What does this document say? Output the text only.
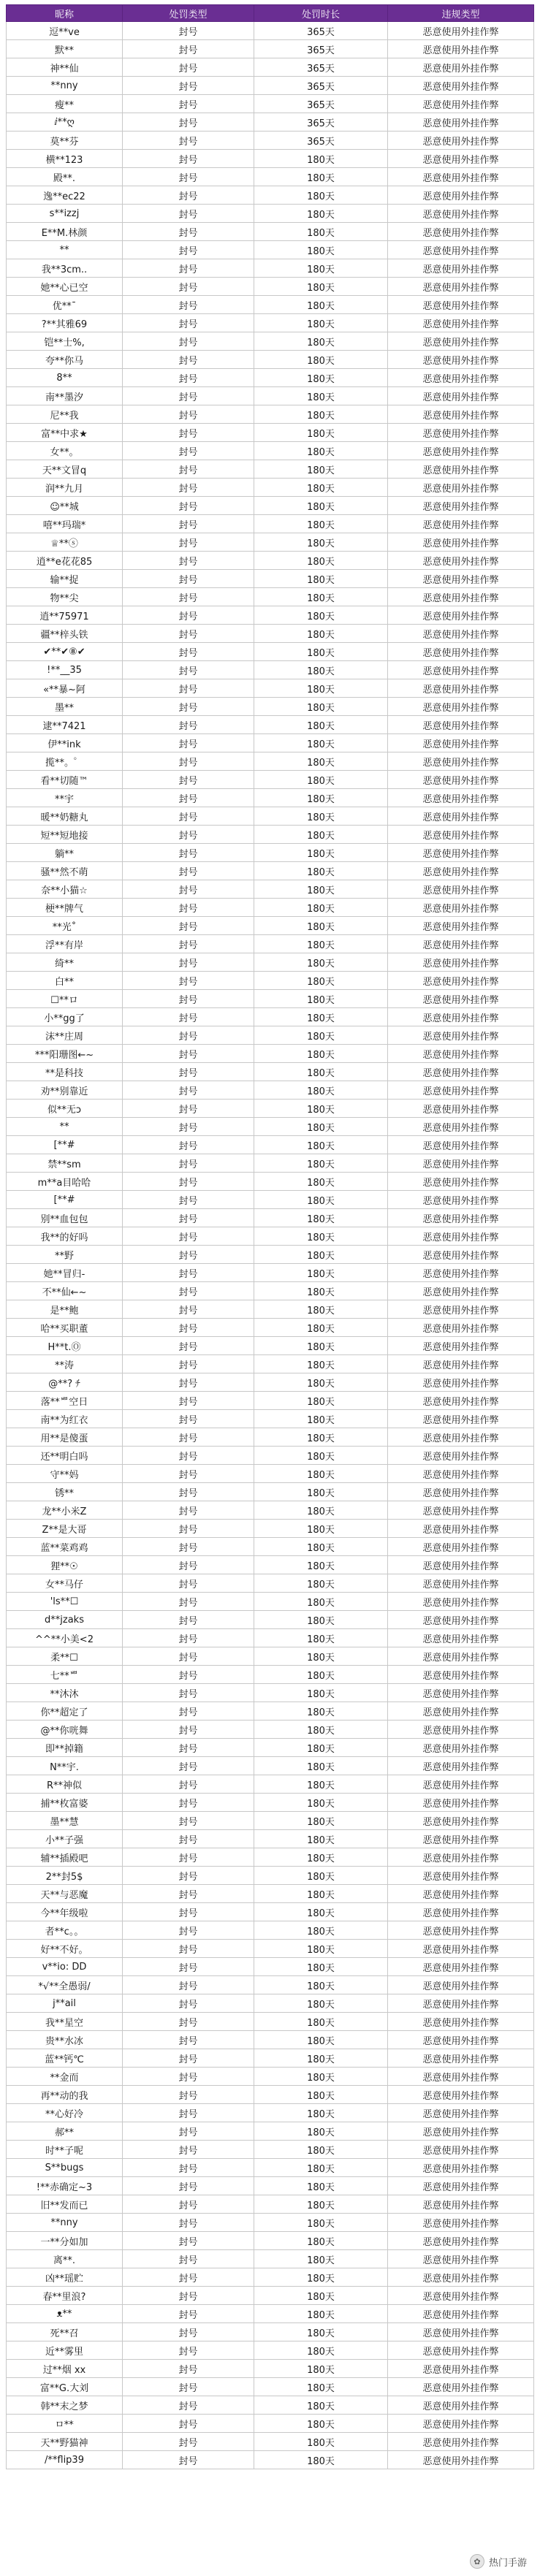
昵称	处罚类型	处罚时长	违规类型
逗**ve	封号	365天	恶意使用外挂作弊
默**	封号	365天	恶意使用外挂作弊
神**仙	封号	365天	恶意使用外挂作弊
**nny	封号	365天	恶意使用外挂作弊
瘦**	封号	365天	恶意使用外挂作弊
ⅈ**ღ	封号	365天	恶意使用外挂作弊
莫**芬	封号	365天	恶意使用外挂作弊
横**123	封号	180天	恶意使用外挂作弊
殿**.	封号	180天	恶意使用外挂作弊
逸**ec22	封号	180天	恶意使用外挂作弊
s**izzj	封号	180天	恶意使用外挂作弊
E**M.林颜	封号	180天	恶意使用外挂作弊
**	封号	180天	恶意使用外挂作弊
我**3cm..	封号	180天	恶意使用外挂作弊
她**心已空	封号	180天	恶意使用外挂作弊
优**¯	封号	180天	恶意使用外挂作弊
?**其雅69	封号	180天	恶意使用外挂作弊
铠**士%,	封号	180天	恶意使用外挂作弊
夸**你马	封号	180天	恶意使用外挂作弊
8**	封号	180天	恶意使用外挂作弊
南**墨汐	封号	180天	恶意使用外挂作弊
尼**我	封号	180天	恶意使用外挂作弊
富**中求★	封号	180天	恶意使用外挂作弊
女**。	封号	180天	恶意使用外挂作弊
天**文冒q	封号	180天	恶意使用外挂作弊
润**九月	封号	180天	恶意使用外挂作弊
☺**城	封号	180天	恶意使用外挂作弊
嘻**玛瑞*	封号	180天	恶意使用外挂作弊
♕**ⓢ	封号	180天	恶意使用外挂作弊
逍**e花花85	封号	180天	恶意使用外挂作弊
输**捉	封号	180天	恶意使用外挂作弊
物**尖	封号	180天	恶意使用外挂作弊
逍**75971	封号	180天	恶意使用外挂作弊
疆**梓头铁	封号	180天	恶意使用外挂作弊
✔**✔⑧✔	封号	180天	恶意使用外挂作弊
!**__35	封号	180天	恶意使用外挂作弊
«**暴~阿	封号	180天	恶意使用外挂作弊
墨**	封号	180天	恶意使用外挂作弊
逮**7421	封号	180天	恶意使用外挂作弊
伊**ink	封号	180天	恶意使用外挂作弊
揽**。゜	封号	180天	恶意使用外挂作弊
看**切随™	封号	180天	恶意使用外挂作弊
**宇	封号	180天	恶意使用外挂作弊
暖**奶糖丸	封号	180天	恶意使用外挂作弊
短**短地接	封号	180天	恶意使用外挂作弊
躺**	封号	180天	恶意使用外挂作弊
骚**然不萌	封号	180天	恶意使用外挂作弊
奈**小猫☆	封号	180天	恶意使用外挂作弊
梗**牌气	封号	180天	恶意使用外挂作弊
**光˚	封号	180天	恶意使用外挂作弊
浮**有岸	封号	180天	恶意使用外挂作弊
绮**	封号	180天	恶意使用外挂作弊
白**	封号	180天	恶意使用外挂作弊
☐**ロ	封号	180天	恶意使用外挂作弊
小**gg了	封号	180天	恶意使用外挂作弊
沫**庄周	封号	180天	恶意使用外挂作弊
***阳珊图←~	封号	180天	恶意使用外挂作弊
**是科技	封号	180天	恶意使用外挂作弊
劝**别靠近	封号	180天	恶意使用外挂作弊
似**无ↄ	封号	180天	恶意使用外挂作弊
**	封号	180天	恶意使用外挂作弊
[**#	封号	180天	恶意使用外挂作弊
禁**sm	封号	180天	恶意使用外挂作弊
m**a目哈哈	封号	180天	恶意使用外挂作弊
[**#	封号	180天	恶意使用外挂作弊
别**血包包	封号	180天	恶意使用外挂作弊
我**的好吗	封号	180天	恶意使用外挂作弊
**野	封号	180天	恶意使用外挂作弊
她**冒归-	封号	180天	恶意使用外挂作弊
不**仙←~	封号	180天	恶意使用外挂作弊
是**鲍	封号	180天	恶意使用外挂作弊
哈**买职董	封号	180天	恶意使用外挂作弊
H**t.Ⓞ	封号	180天	恶意使用外挂作弊
**涛	封号	180天	恶意使用外挂作弊
@**?︎ ﾁ	封号	180天	恶意使用外挂作弊
落**ᄈ空日	封号	180天	恶意使用外挂作弊
南**为红衣	封号	180天	恶意使用外挂作弊
用**是傻蛋	封号	180天	恶意使用外挂作弊
还**明白吗	封号	180天	恶意使用外挂作弊
守**妈	封号	180天	恶意使用外挂作弊
锈**	封号	180天	恶意使用外挂作弊
龙**小米Z	封号	180天	恶意使用外挂作弊
Z**是大哥	封号	180天	恶意使用外挂作弊
蓝**菜鸡鸡	封号	180天	恶意使用外挂作弊
狸**☉	封号	180天	恶意使用外挂作弊
女**马仔	封号	180天	恶意使用外挂作弊
'ls**☐	封号	180天	恶意使用外挂作弊
d**jzaks	封号	180天	恶意使用外挂作弊
^^**小美<2	封号	180天	恶意使用外挂作弊
柔**☐	封号	180天	恶意使用外挂作弊
七**ᄈ	封号	180天	恶意使用外挂作弊
**沐沐	封号	180天	恶意使用外挂作弊
你**超定了	封号	180天	恶意使用外挂作弊
@**你咣舞	封号	180天	恶意使用外挂作弊
即**掉籍	封号	180天	恶意使用外挂作弊
N**宇.	封号	180天	恶意使用外挂作弊
R**神似	封号	180天	恶意使用外挂作弊
捕**枚富婆	封号	180天	恶意使用外挂作弊
墨**慧	封号	180天	恶意使用外挂作弊
小**子强	封号	180天	恶意使用外挂作弊
辅**插殿吧	封号	180天	恶意使用外挂作弊
2**封5$	封号	180天	恶意使用外挂作弊
天**与恶魔	封号	180天	恶意使用外挂作弊
今**年级啦	封号	180天	恶意使用外挂作弊
者**c。。	封号	180天	恶意使用外挂作弊
好**不好。	封号	180天	恶意使用外挂作弊
v**io: DD	封号	180天	恶意使用外挂作弊
*√**全愚弱/	封号	180天	恶意使用外挂作弊
j**ail	封号	180天	恶意使用外挂作弊
我**星空	封号	180天	恶意使用外挂作弊
贵**水冰	封号	180天	恶意使用外挂作弊
蓝**钙℃	封号	180天	恶意使用外挂作弊
**金而	封号	180天	恶意使用外挂作弊
再**动的我	封号	180天	恶意使用外挂作弊
**心好冷	封号	180天	恶意使用外挂作弊
郝**	封号	180天	恶意使用外挂作弊
时**子呢	封号	180天	恶意使用外挂作弊
S**bugs	封号	180天	恶意使用外挂作弊
!**赤确定~3	封号	180天	恶意使用外挂作弊
旧**发而已	封号	180天	恶意使用外挂作弊
**nny	封号	180天	恶意使用外挂作弊
一**分如加	封号	180天	恶意使用外挂作弊
离**.	封号	180天	恶意使用外挂作弊
凶**瑶贮	封号	180天	恶意使用外挂作弊
春**里浪?	封号	180天	恶意使用外挂作弊
ᴥ**	封号	180天	恶意使用外挂作弊
死**召	封号	180天	恶意使用外挂作弊
近**雾里	封号	180天	恶意使用外挂作弊
过**烟 xx	封号	180天	恶意使用外挂作弊
富**G.大刘	封号	180天	恶意使用外挂作弊
韩**末之梦	封号	180天	恶意使用外挂作弊
ㅁ**	封号	180天	恶意使用外挂作弊
天**野猫神	封号	180天	恶意使用外挂作弊
/**flip39	封号	180天	恶意使用外挂作弊
✿ 热门手游
